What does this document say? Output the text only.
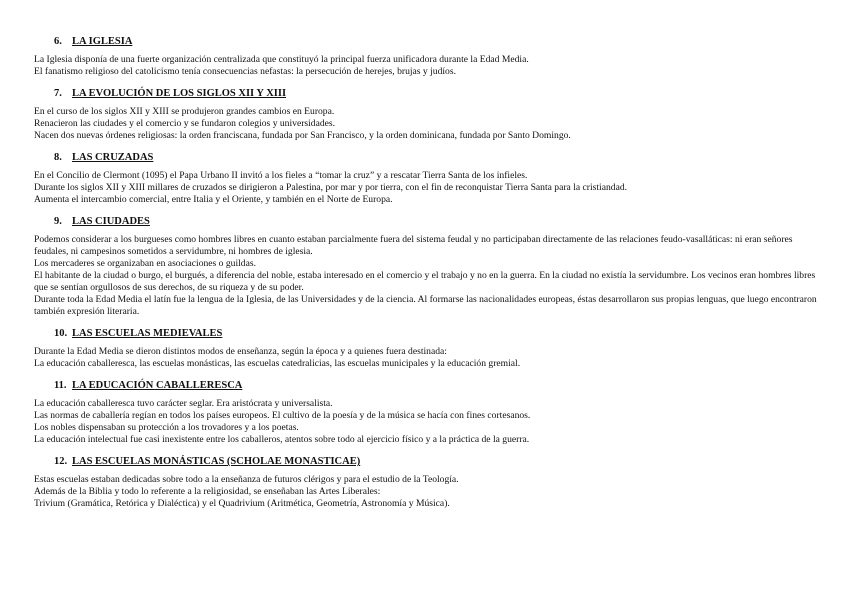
6. LA IGLESIA

La Iglesia disponía de una fuerte organización centralizada que constituyó la principal fuerza unificadora durante la Edad Media.

El fanatismo religioso del catolicismo tenía consecuencias nefastas: la persecución de herejes, brujas y judíos.

7. LA EVOLUCIÓN DE LOS SIGLOS XII Y XIII

En el curso de los siglos XII y XIII se produjeron grandes cambios en Europa.

Renacieron las ciudades y el comercio y se fundaron colegios y universidades.

Nacen dos nuevas órdenes religiosas: la orden franciscana, fundada por San Francisco, y la orden dominicana, fundada por Santo Domingo.

8. LAS CRUZADAS

En el Concilio de Clermont (1095) el Papa Urbano II invitó a los fieles a “tomar la cruz” y a rescatar Tierra Santa de los infieles.

Durante los siglos XII y XIII millares de cruzados se dirigieron a Palestina, por mar y por tierra, con el fin de reconquistar Tierra Santa para la cristiandad.

Aumenta el intercambio comercial, entre Italia y el Oriente, y también en el Norte de Europa.

9. LAS CIUDADES

Podemos considerar a los burgueses como hombres libres en cuanto estaban parcialmente fuera del sistema feudal y no participaban directamente de las relaciones feudo-vasalláticas: ni eran señores feudales, ni campesinos sometidos a servidumbre, ni hombres de iglesia.

Los mercaderes se organizaban en asociaciones o guildas.

El habitante de la ciudad o burgo, el burgués, a diferencia del noble, estaba interesado en el comercio y el trabajo y no en la guerra. En la ciudad no existía la servidumbre. Los vecinos eran hombres libres que se sentían orgullosos de sus derechos, de su riqueza y de su poder.

Durante toda la Edad Media el latín fue la lengua de la Iglesia, de las Universidades y de la ciencia. Al formarse las nacionalidades europeas, éstas desarrollaron sus propias lenguas, que luego encontraron también expresión literaria.

10. LAS ESCUELAS MEDIEVALES

Durante la Edad Media se dieron distintos modos de enseñanza, según la época y a quienes fuera destinada:

La educación caballeresca, las escuelas monásticas, las escuelas catedralicias, las escuelas municipales y la educación gremial.

11. LA EDUCACIÓN CABALLERESCA

La educación caballeresca tuvo carácter seglar. Era aristócrata y universalista.

Las normas de caballería regían en todos los países europeos. El cultivo de la poesía y de la música se hacía con fines cortesanos.

Los nobles dispensaban su protección a los trovadores y a los poetas.

La educación intelectual fue casi inexistente entre los caballeros, atentos sobre todo al ejercicio físico y a la práctica de la guerra.

12. LAS ESCUELAS MONÁSTICAS (SCHOLAE MONASTICAE)

Estas escuelas estaban dedicadas sobre todo a la enseñanza de futuros clérigos y para el estudio de la Teología.

Además de la Biblia y todo lo referente a la religiosidad, se enseñaban las Artes Liberales:

Trivium (Gramática, Retórica y Dialéctica) y el Quadrivium (Aritmética, Geometría, Astronomía y Música).
